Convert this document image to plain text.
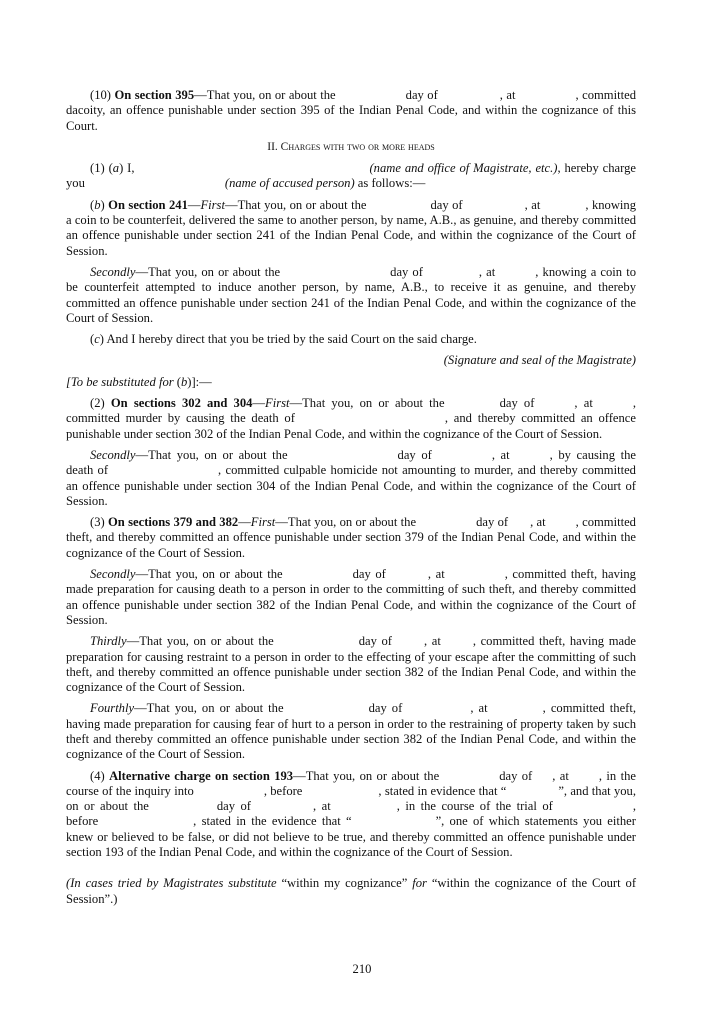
(10) On section 395—That you, on or about the	day of	, at	, committed dacoity, an offence punishable under section 395 of the Indian Penal Code, and within the cognizance of this Court.

II. Charges with two or more heads

(1) (a) I,	(name and office of Magistrate, etc.), hereby charge you	(name of accused person) as follows:—

(b) On section 241—First—That you, on or about the	day of	, at	, knowing a coin to be counterfeit, delivered the same to another person, by name, A.B., as genuine, and thereby committed an offence punishable under section 241 of the Indian Penal Code, and within the cognizance of the Court of Session.

Secondly—That you, on or about the	day of	, at	, knowing a coin to be counterfeit attempted to induce another person, by name, A.B., to receive it as genuine, and thereby committed an offence punishable under section 241 of the Indian Penal Code, and within the cognizance of the Court of Session.

(c) And I hereby direct that you be tried by the said Court on the said charge.

(Signature and seal of the Magistrate)

[To be substituted for (b)]:—

(2) On sections 302 and 304—First—That you, on or about the	day of	, at	, committed murder by causing the death of	, and thereby committed an offence punishable under section 302 of the Indian Penal Code, and within the cognizance of the Court of Session.

Secondly—That you, on or about the	day of	, at	, by causing the death of	, committed culpable homicide not amounting to murder, and thereby committed an offence punishable under section 304 of the Indian Penal Code, and within the cognizance of the Court of Session.

(3) On sections 379 and 382—First—That you, on or about the	day of , at , committed theft, and thereby committed an offence punishable under section 379 of the Indian Penal Code, and within the cognizance of the Court of Session.

Secondly—That you, on or about the	day of	, at	, committed theft, having made preparation for causing death to a person in order to the committing of such theft, and thereby committed an offence punishable under section 382 of the Indian Penal Code, and within the cognizance of the Court of Session.

Thirdly—That you, on or about the	day of	, at	, committed theft, having made preparation for causing restraint to a person in order to the effecting of your escape after the committing of such theft, and thereby committed an offence punishable under section 382 of the Indian Penal Code, and within the cognizance of the Court of Session.

Fourthly—That you, on or about the	day of	, at	, committed theft, having made preparation for causing fear of hurt to a person in order to the restraining of property taken by such theft and thereby committed an offence punishable under section 382 of the Indian Penal Code, and within the cognizance of the Court of Session.

(4) Alternative charge on section 193—That you, on or about the	day of , at , in the course of the inquiry into	, before	, stated in evidence that “	”, and that you, on or about the	day of	, at	, in the course of the trial of	, before	, stated in the evidence that “	”, one of which statements you either knew or believed to be false, or did not believe to be true, and thereby committed an offence punishable under section 193 of the Indian Penal Code, and within the cognizance of the Court of Session.

(In cases tried by Magistrates substitute “within my cognizance” for “within the cognizance of the Court of Session”.)

210
